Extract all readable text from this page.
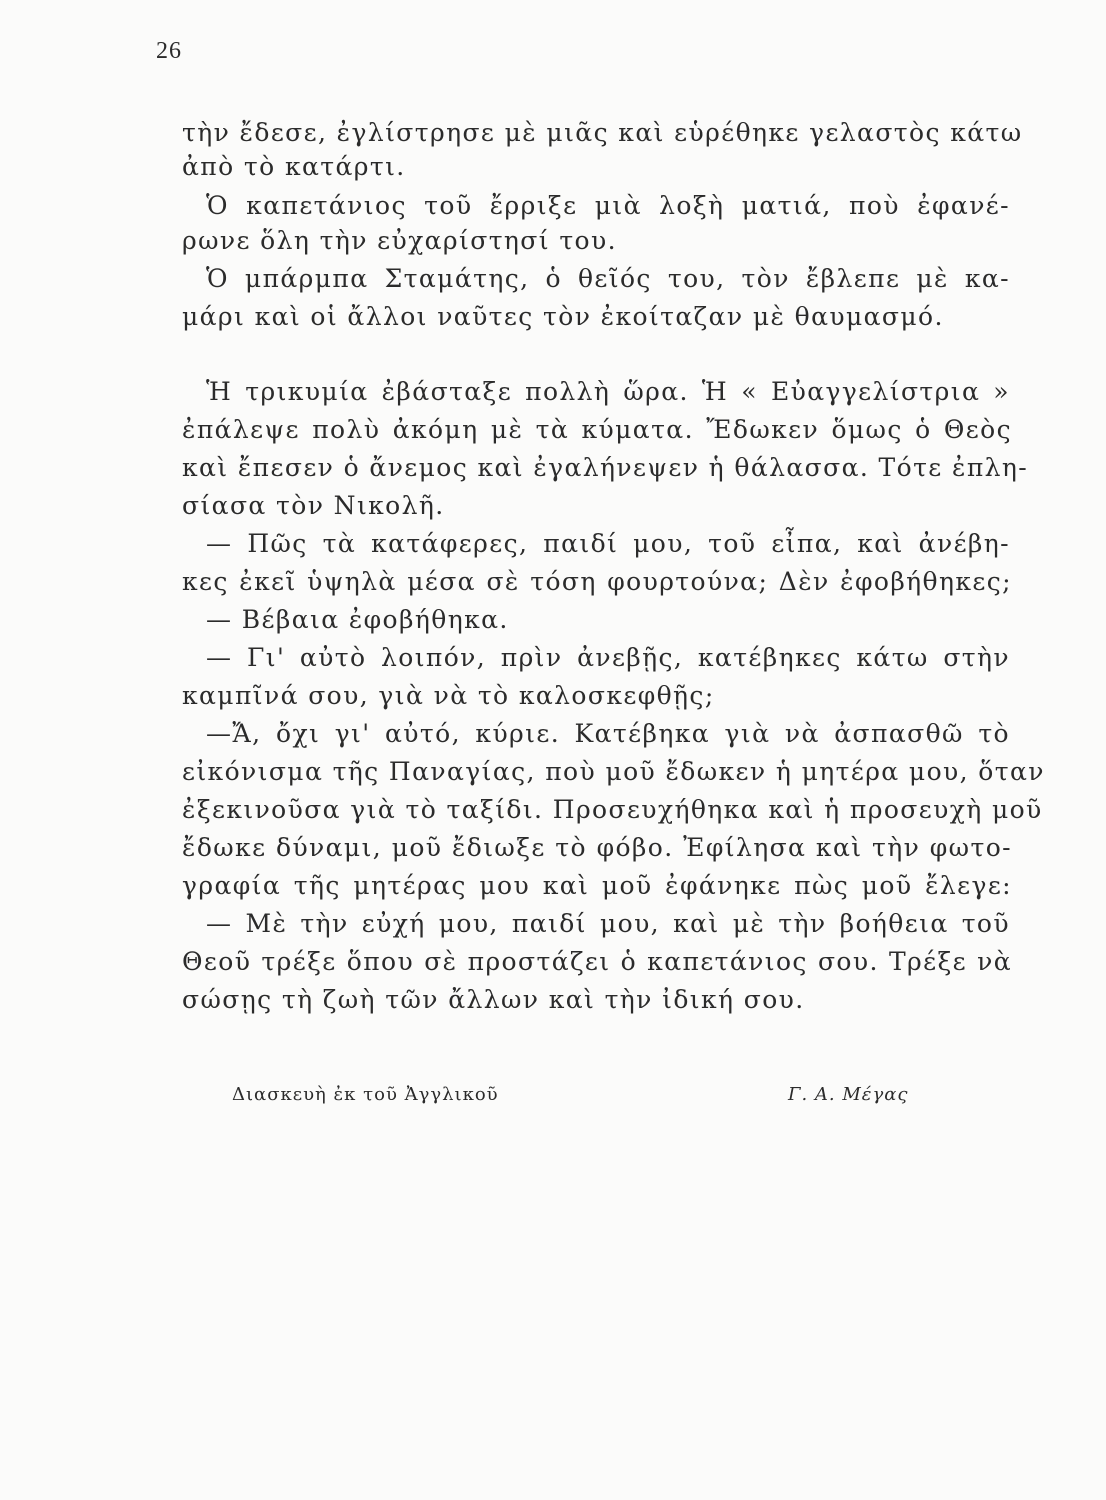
26
τὴν ἔδεσε, ἐγλίστρησε μὲ μιᾶς καὶ εὑρέθηκε γελαστὸς κάτω
ἀπὸ τὸ κατάρτι.
Ὁ καπετάνιος τοῦ ἔρριξε μιὰ λοξὴ ματιά, ποὺ ἐφανέ-
ρωνε ὅλη τὴν εὐχαρίστησί του.
Ὁ μπάρμπα Σταμάτης, ὁ θεῖός του, τὸν ἔβλεπε μὲ κα-
μάρι καὶ οἱ ἄλλοι ναῦτες τὸν ἐκοίταζαν μὲ θαυμασμό.
Ἡ τρικυμία ἐβάσταξε πολλὴ ὥρα. Ἡ « Εὐαγγελίστρια »
ἐπάλεψε πολὺ ἀκόμη μὲ τὰ κύματα. Ἔδωκεν ὅμως ὁ Θεὸς
καὶ ἔπεσεν ὁ ἄνεμος καὶ ἐγαλήνεψεν ἡ θάλασσα. Τότε ἐπλη-
σίασα τὸν Νικολῆ.
— Πῶς τὰ κατάφερες, παιδί μου, τοῦ εἶπα, καὶ ἀνέβη-
κες ἐκεῖ ὑψηλὰ μέσα σὲ τόση φουρτούνα; Δὲν ἐφοβήθηκες;
— Βέβαια ἐφοβήθηκα.
— Γι' αὐτὸ λοιπόν, πρὶν ἀνεβῇς, κατέβηκες κάτω στὴν
καμπῖνά σου, γιὰ νὰ τὸ καλοσκεφθῇς;
—Ἄ, ὄχι γι' αὐτό, κύριε. Κατέβηκα γιὰ νὰ ἀσπασθῶ τὸ
εἰκόνισμα τῆς Παναγίας, ποὺ μοῦ ἔδωκεν ἡ μητέρα μου, ὅταν
ἐξεκινοῦσα γιὰ τὸ ταξίδι. Προσευχήθηκα καὶ ἡ προσευχὴ μοῦ
ἔδωκε δύναμι, μοῦ ἔδιωξε τὸ φόβο. Ἐφίλησα καὶ τὴν φωτο-
γραφία τῆς μητέρας μου καὶ μοῦ ἐφάνηκε πὼς μοῦ ἔλεγε:
— Μὲ τὴν εὐχή μου, παιδί μου, καὶ μὲ τὴν βοήθεια τοῦ
Θεοῦ τρέξε ὅπου σὲ προστάζει ὁ καπετάνιος σου. Τρέξε νὰ
σώσῃς τὴ ζωὴ τῶν ἄλλων καὶ τὴν ἰδική σου.
Διασκευὴ ἐκ τοῦ Ἀγγλικοῦ	Γ. Α. Μέγας
